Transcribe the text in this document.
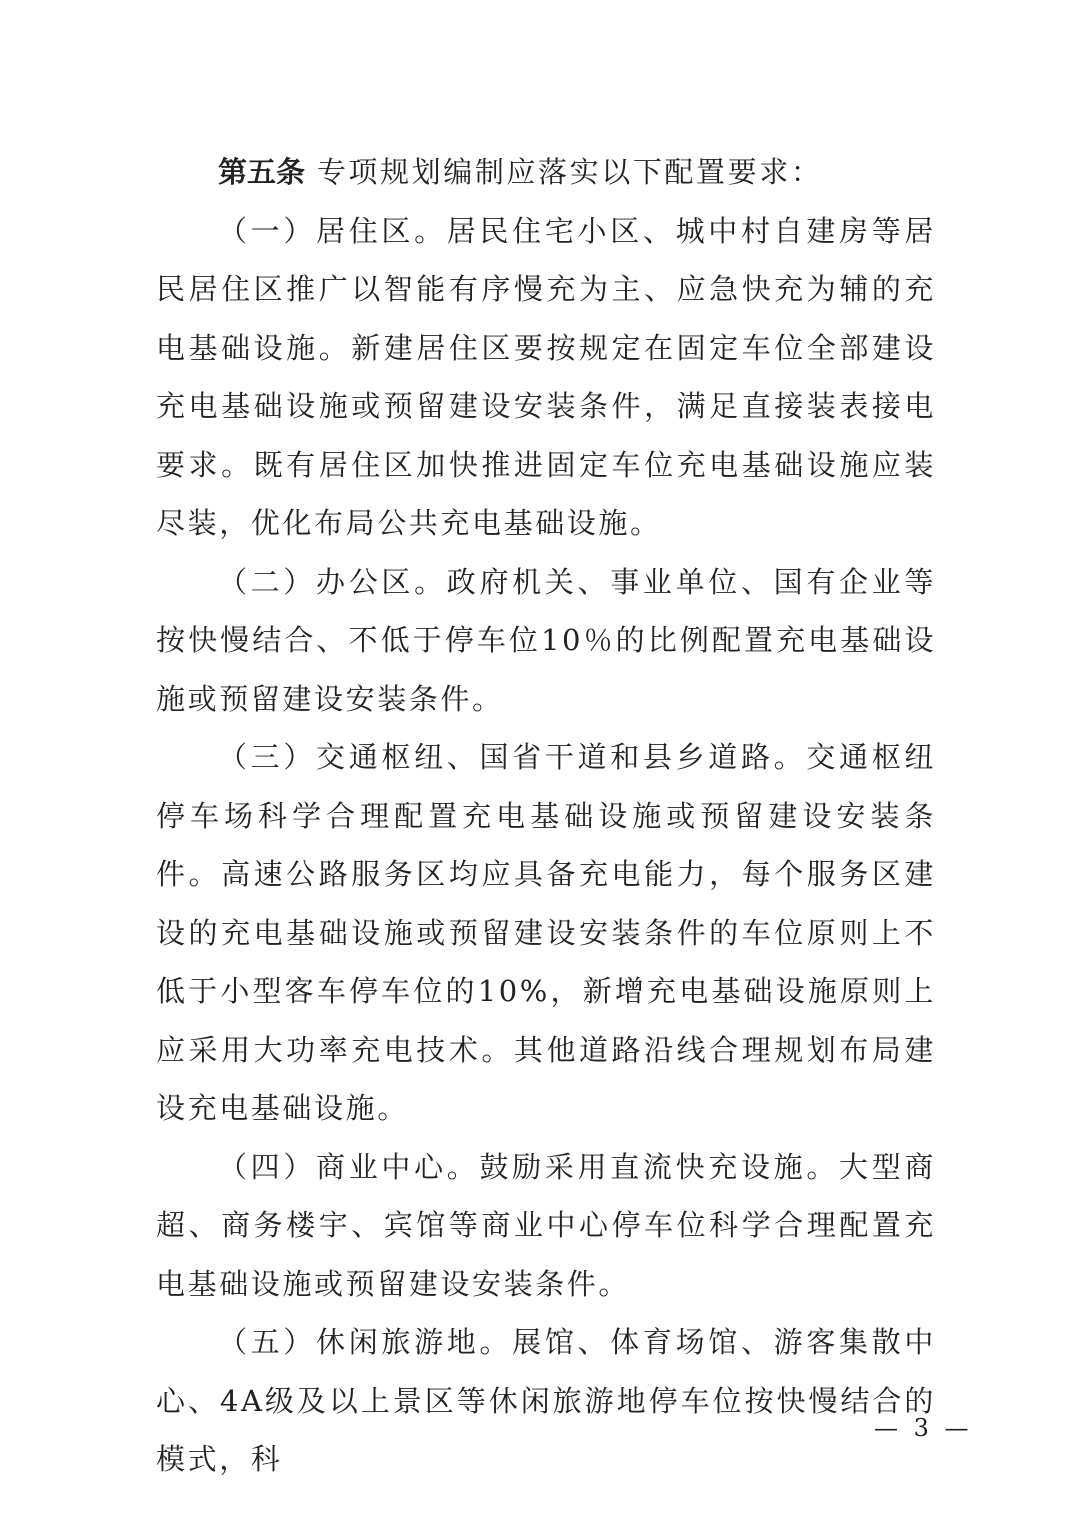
第五条 专项规划编制应落实以下配置要求：

（一）居住区。居民住宅小区、城中村自建房等居民居住区推广以智能有序慢充为主、应急快充为辅的充电基础设施。新建居住区要按规定在固定车位全部建设充电基础设施或预留建设安装条件，满足直接装表接电要求。既有居住区加快推进固定车位充电基础设施应装尽装，优化布局公共充电基础设施。

（二）办公区。政府机关、事业单位、国有企业等按快慢结合、不低于停车位10％的比例配置充电基础设施或预留建设安装条件。

（三）交通枢纽、国省干道和县乡道路。交通枢纽停车场科学合理配置充电基础设施或预留建设安装条件。高速公路服务区均应具备充电能力，每个服务区建设的充电基础设施或预留建设安装条件的车位原则上不低于小型客车停车位的10%，新增充电基础设施原则上应采用大功率充电技术。其他道路沿线合理规划布局建设充电基础设施。

（四）商业中心。鼓励采用直流快充设施。大型商超、商务楼宇、宾馆等商业中心停车位科学合理配置充电基础设施或预留建设安装条件。

（五）休闲旅游地。展馆、体育场馆、游客集散中心、4A级及以上景区等休闲旅游地停车位按快慢结合的模式，科

— 3 —
